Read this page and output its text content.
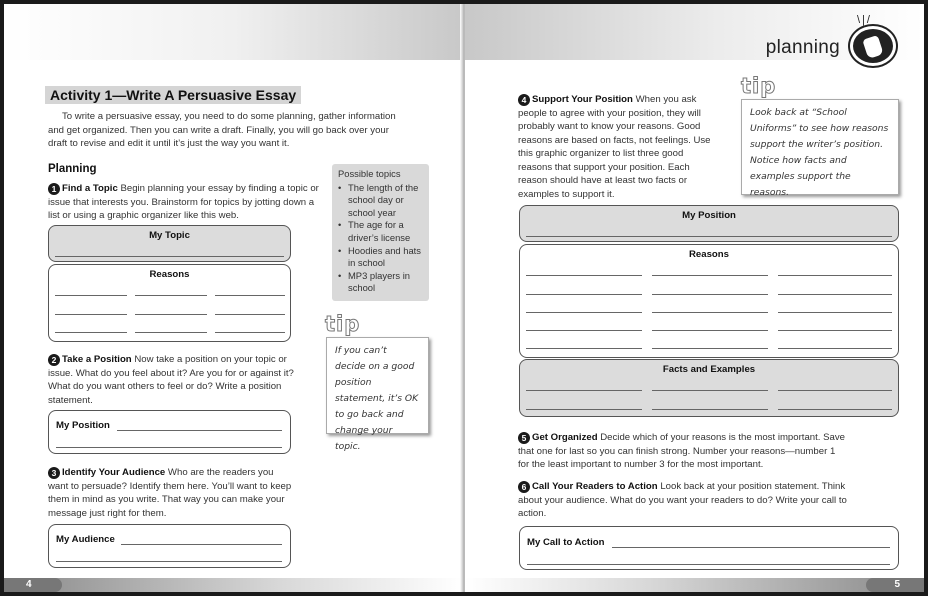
Activity 1—Write A Persuasive Essay

To write a persuasive essay, you need to do some planning, gather information and get organized. Then you can write a draft. Finally, you will go back over your draft to revise and edit it until it’s just the way you want it.

Planning

1 Find a Topic Begin planning your essay by finding a topic or issue that interests you. Brainstorm for topics by jotting down a list or using a graphic organizer like this web.

My Topic
Reasons
Possible topics
• The length of the school day or school year
• The age for a driver’s license
• Hoodies and hats in school
• MP3 players in school
tip
If you can’t decide on a good position statement, it’s OK to go back and change your topic.

2 Take a Position Now take a position on your topic or issue. What do you feel about it? Are you for or against it? What do you want others to feel or do? Write a position statement.

My Position

3 Identify Your Audience Who are the readers you want to persuade? Identify them here. You’ll want to keep them in mind as you write. That way you can make your message just right for them.

My Audience
4
planning
\|/

4 Support Your Position When you ask people to agree with your position, they will probably want to know your reasons. Good reasons are based on facts, not feelings. Use this graphic organizer to list three good reasons that support your position. Each reason should have at least two facts or examples to support it.

tip
Look back at “School Uniforms” to see how reasons support the writer’s position. Notice how facts and examples support the reasons.
My Position
Reasons
Facts and Examples

5 Get Organized Decide which of your reasons is the most important. Save that one for last so you can finish strong. Number your reasons—number 1 for the least important to number 3 for the most important.

6 Call Your Readers to Action Look back at your position statement. Think about your audience. What do you want your readers to do? Write your call to action.

My Call to Action
5
